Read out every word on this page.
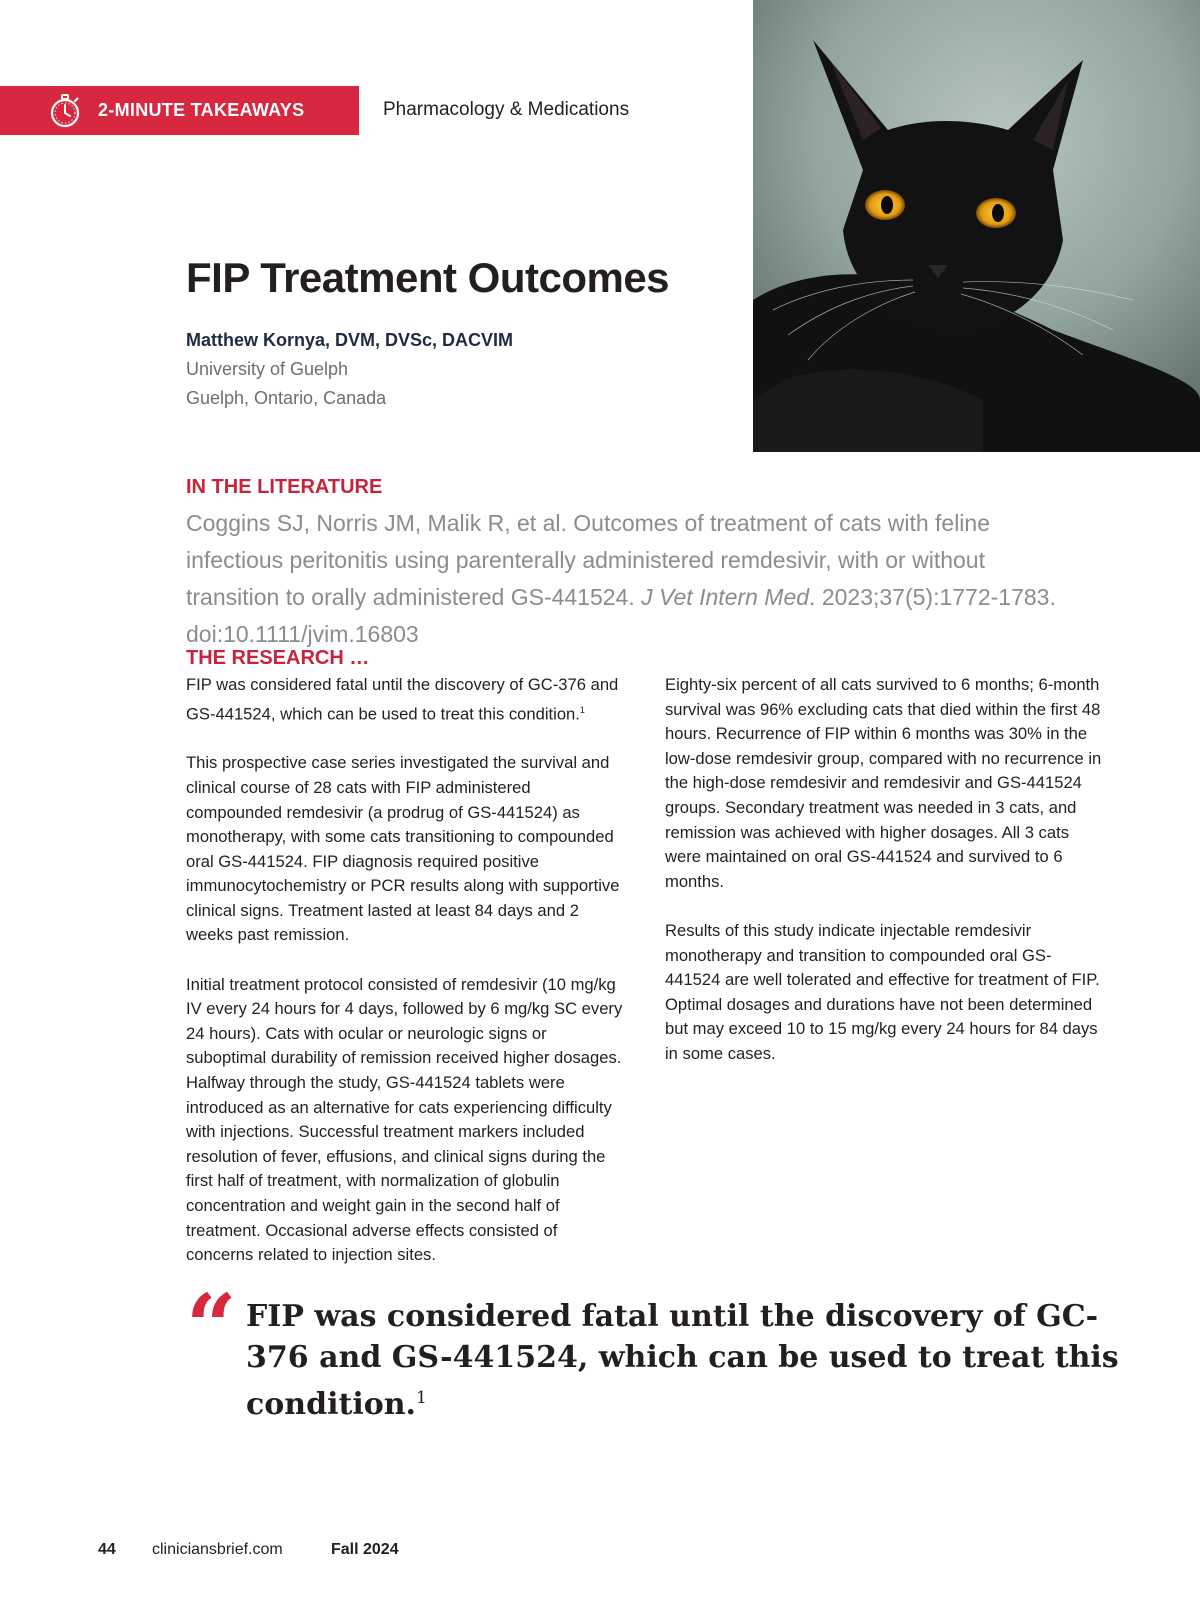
2-MINUTE TAKEAWAYS	Pharmacology & Medications
FIP Treatment Outcomes
Matthew Kornya, DVM, DVSc, DACVIM
University of Guelph
Guelph, Ontario, Canada
IN THE LITERATURE
Coggins SJ, Norris JM, Malik R, et al. Outcomes of treatment of cats with feline infectious peritonitis using parenterally administered remdesivir, with or without transition to orally administered GS-441524. J Vet Intern Med. 2023;37(5):1772-1783. doi:10.1111/jvim.16803
THE RESEARCH …

FIP was considered fatal until the discovery of GC-376 and GS-441524, which can be used to treat this condition.$^1$

This prospective case series investigated the survival and clinical course of 28 cats with FIP administered compounded remdesivir (a prodrug of GS-441524) as monotherapy, with some cats transitioning to compounded oral GS-441524. FIP diagnosis required positive immunocytochemistry or PCR results along with supportive clinical signs. Treatment lasted at least 84 days and 2 weeks past remission.

Initial treatment protocol consisted of remdesivir (10 mg/kg IV every 24 hours for 4 days, followed by 6 mg/kg SC every 24 hours). Cats with ocular or neurologic signs or suboptimal durability of remission received higher dosages. Halfway through the study, GS-441524 tablets were introduced as an alternative for cats experiencing difficulty with injections. Successful treatment markers included resolution of fever, effusions, and clinical signs during the first half of treatment, with normalization of globulin concentration and weight gain in the second half of treatment. Occasional adverse effects consisted of concerns related to injection sites.

Eighty-six percent of all cats survived to 6 months; 6-month survival was 96% excluding cats that died within the first 48 hours. Recurrence of FIP within 6 months was 30% in the low-dose remdesivir group, compared with no recurrence in the high-dose remdesivir and remdesivir and GS-441524 groups. Secondary treatment was needed in 3 cats, and remission was achieved with higher dosages. All 3 cats were maintained on oral GS-441524 and survived to 6 months.

Results of this study indicate injectable remdesivir monotherapy and transition to compounded oral GS-441524 are well tolerated and effective for treatment of FIP. Optimal dosages and durations have not been determined but may exceed 10 to 15 mg/kg every 24 hours for 84 days in some cases.

“ FIP was considered fatal until the discovery of GC-376 and GS-441524, which can be used to treat this condition.$^1$
44 cliniciansbrief.com	Fall 2024
